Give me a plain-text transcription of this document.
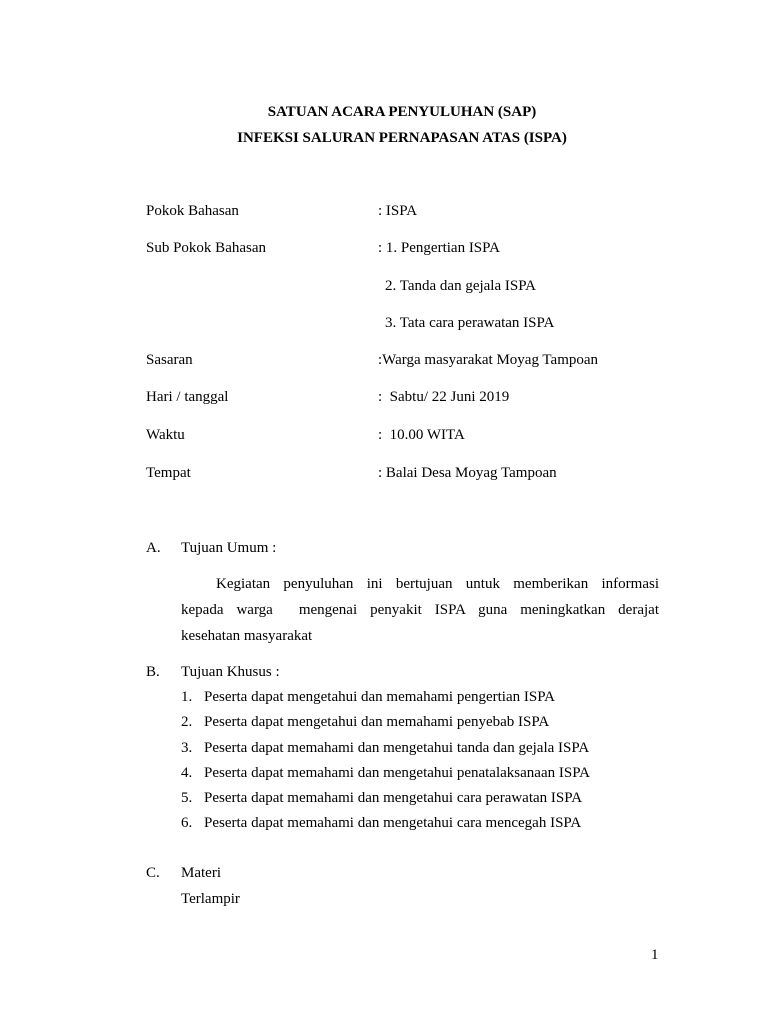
SATUAN ACARA PENYULUHAN (SAP)
INFEKSI SALURAN PERNAPASAN ATAS (ISPA)
Pokok Bahasan	: ISPA
Sub Pokok Bahasan	: 1. Pengertian ISPA
2. Tanda dan gejala ISPA
3. Tata cara perawatan ISPA
Sasaran	:Warga masyarakat Moyag Tampoan
Hari / tanggal	:  Sabtu/ 22 Juni 2019
Waktu	:  10.00 WITA
Tempat	: Balai Desa Moyag Tampoan
A. Tujuan Umum :
Kegiatan penyuluhan ini bertujuan untuk memberikan informasi
kepada warga  mengenai penyakit ISPA guna meningkatkan derajat
kesehatan masyarakat
B. Tujuan Khusus :
1. Peserta dapat mengetahui dan memahami pengertian ISPA
2. Peserta dapat mengetahui dan memahami penyebab ISPA
3. Peserta dapat memahami dan mengetahui tanda dan gejala ISPA
4. Peserta dapat memahami dan mengetahui penatalaksanaan ISPA
5. Peserta dapat memahami dan mengetahui cara perawatan ISPA
6. Peserta dapat memahami dan mengetahui cara mencegah ISPA
C. Materi
Terlampir
1
